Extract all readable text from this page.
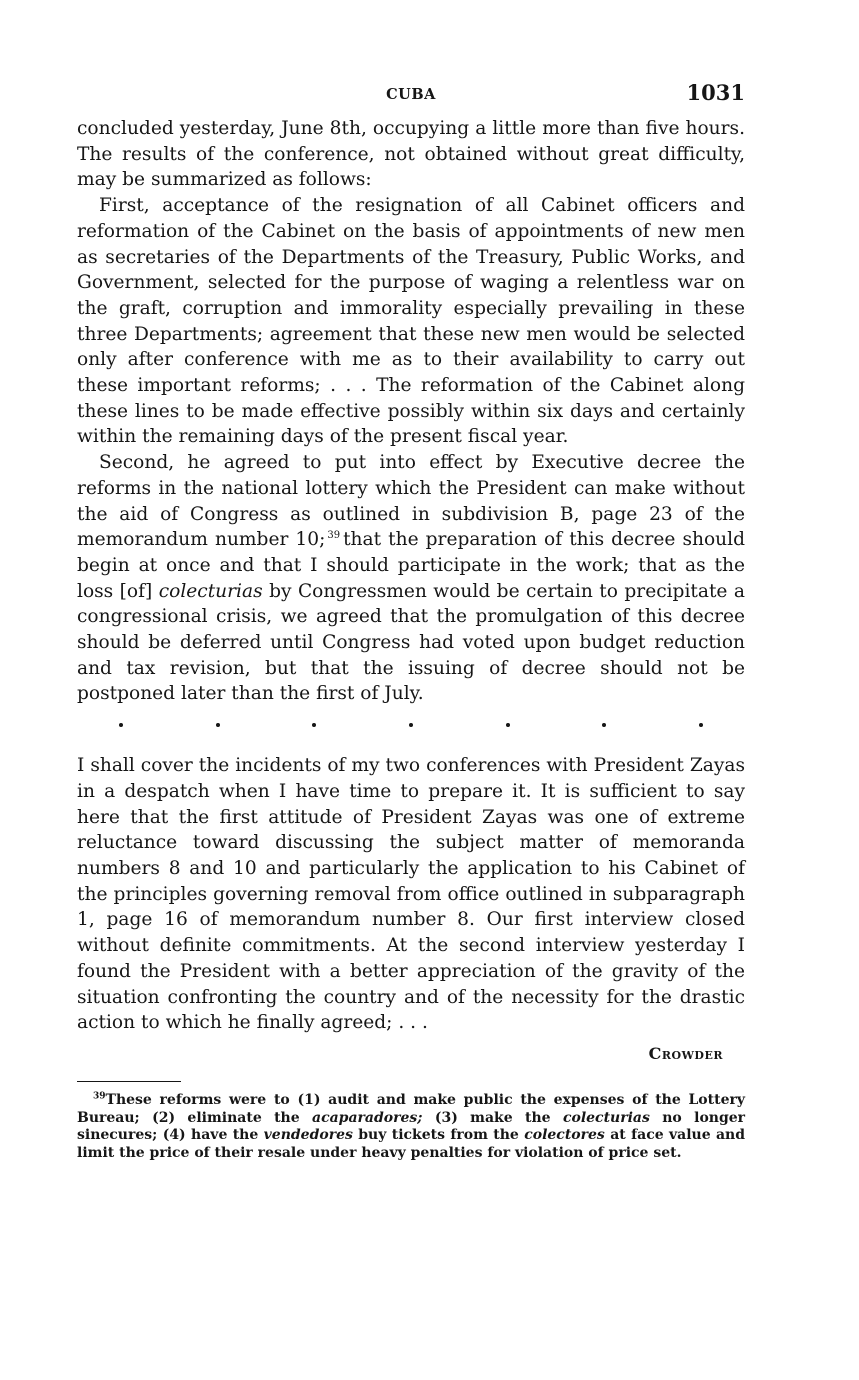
CUBA	1031

concluded yesterday, June 8th, occupying a little more than five hours. The results of the conference, not obtained without great difficulty, may be summarized as follows:

First, acceptance of the resignation of all Cabinet officers and reformation of the Cabinet on the basis of appointments of new men as secretaries of the Departments of the Treasury, Public Works, and Government, selected for the purpose of waging a relentless war on the graft, corruption and immorality especially prevailing in these three Departments; agreement that these new men would be selected only after conference with me as to their availability to carry out these important reforms; . . . The reformation of the Cabinet along these lines to be made effective possibly within six days and certainly within the remaining days of the present fiscal year.

Second, he agreed to put into effect by Executive decree the reforms in the national lottery which the President can make without the aid of Congress as outlined in subdivision B, page 23 of the memorandum number 10; $^{39}$ that the preparation of this decree should begin at once and that I should participate in the work; that as the loss [of] colecturias by Congressmen would be certain to precipitate a congressional crisis, we agreed that the promulgation of this decree should be deferred until Congress had voted upon budget reduction and tax revision, but that the issuing of decree should not be postponed later than the first of July.

I shall cover the incidents of my two conferences with President Zayas in a despatch when I have time to prepare it. It is sufficient to say here that the first attitude of President Zayas was one of extreme reluctance toward discussing the subject matter of memoranda numbers 8 and 10 and particularly the application to his Cabinet of the principles governing removal from office outlined in subparagraph 1, page 16 of memorandum number 8. Our first interview closed without definite commitments. At the second interview yesterday I found the President with a better appreciation of the gravity of the situation confronting the country and of the necessity for the drastic action to which he finally agreed; . . .

Crowder

$^{39}$These reforms were to (1) audit and make public the expenses of the Lottery Bureau; (2) eliminate the acaparadores; (3) make the colecturias no longer sinecures; (4) have the vendedores buy tickets from the colectores at face value and limit the price of their resale under heavy penalties for violation of price set.
